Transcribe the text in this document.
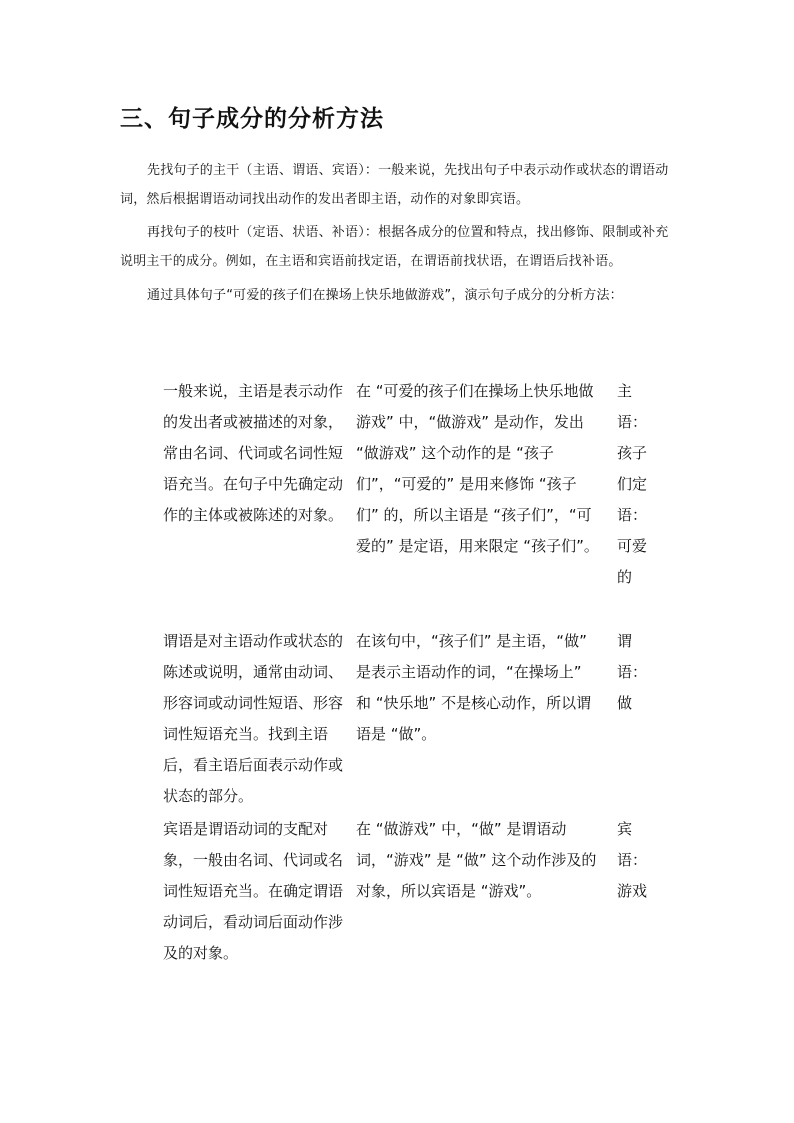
三、句子成分的分析方法

先找句子的主干（主语、谓语、宾语）：一般来说，先找出句子中表示动作或状态的谓语动词，然后根据谓语动词找出动作的发出者即主语，动作的对象即宾语。

再找句子的枝叶（定语、状语、补语）：根据各成分的位置和特点，找出修饰、限制或补充说明主干的成分。例如，在主语和宾语前找定语，在谓语前找状语，在谓语后找补语。

通过具体句子“可爱的孩子们在操场上快乐地做游戏”，演示句子成分的分析方法：

一般来说，主语是表示动作的发出者或被描述的对象，常由名词、代词或名词性短语充当。在句子中先确定动作的主体或被陈述的对象。

在 “可爱的孩子们在操场上快乐地做游戏” 中，“做游戏” 是动作，发出 “做游戏” 这个动作的是 “孩子们”，“可爱的” 是用来修饰 “孩子们” 的，所以主语是 “孩子们”，“可爱的” 是定语，用来限定 “孩子们”。

主语：孩子们定语：可爱的

谓语是对主语动作或状态的陈述或说明，通常由动词、形容词或动词性短语、形容词性短语充当。找到主语后，看主语后面表示动作或状态的部分。

在该句中，“孩子们” 是主语，“做” 是表示主语动作的词，“在操场上” 和 “快乐地” 不是核心动作，所以谓语是 “做”。

谓语：做

宾语是谓语动词的支配对象，一般由名词、代词或名词性短语充当。在确定谓语动词后，看动词后面动作涉及的对象。

在 “做游戏” 中，“做” 是谓语动词，“游戏” 是 “做” 这个动作涉及的对象，所以宾语是 “游戏”。

宾语：游戏
